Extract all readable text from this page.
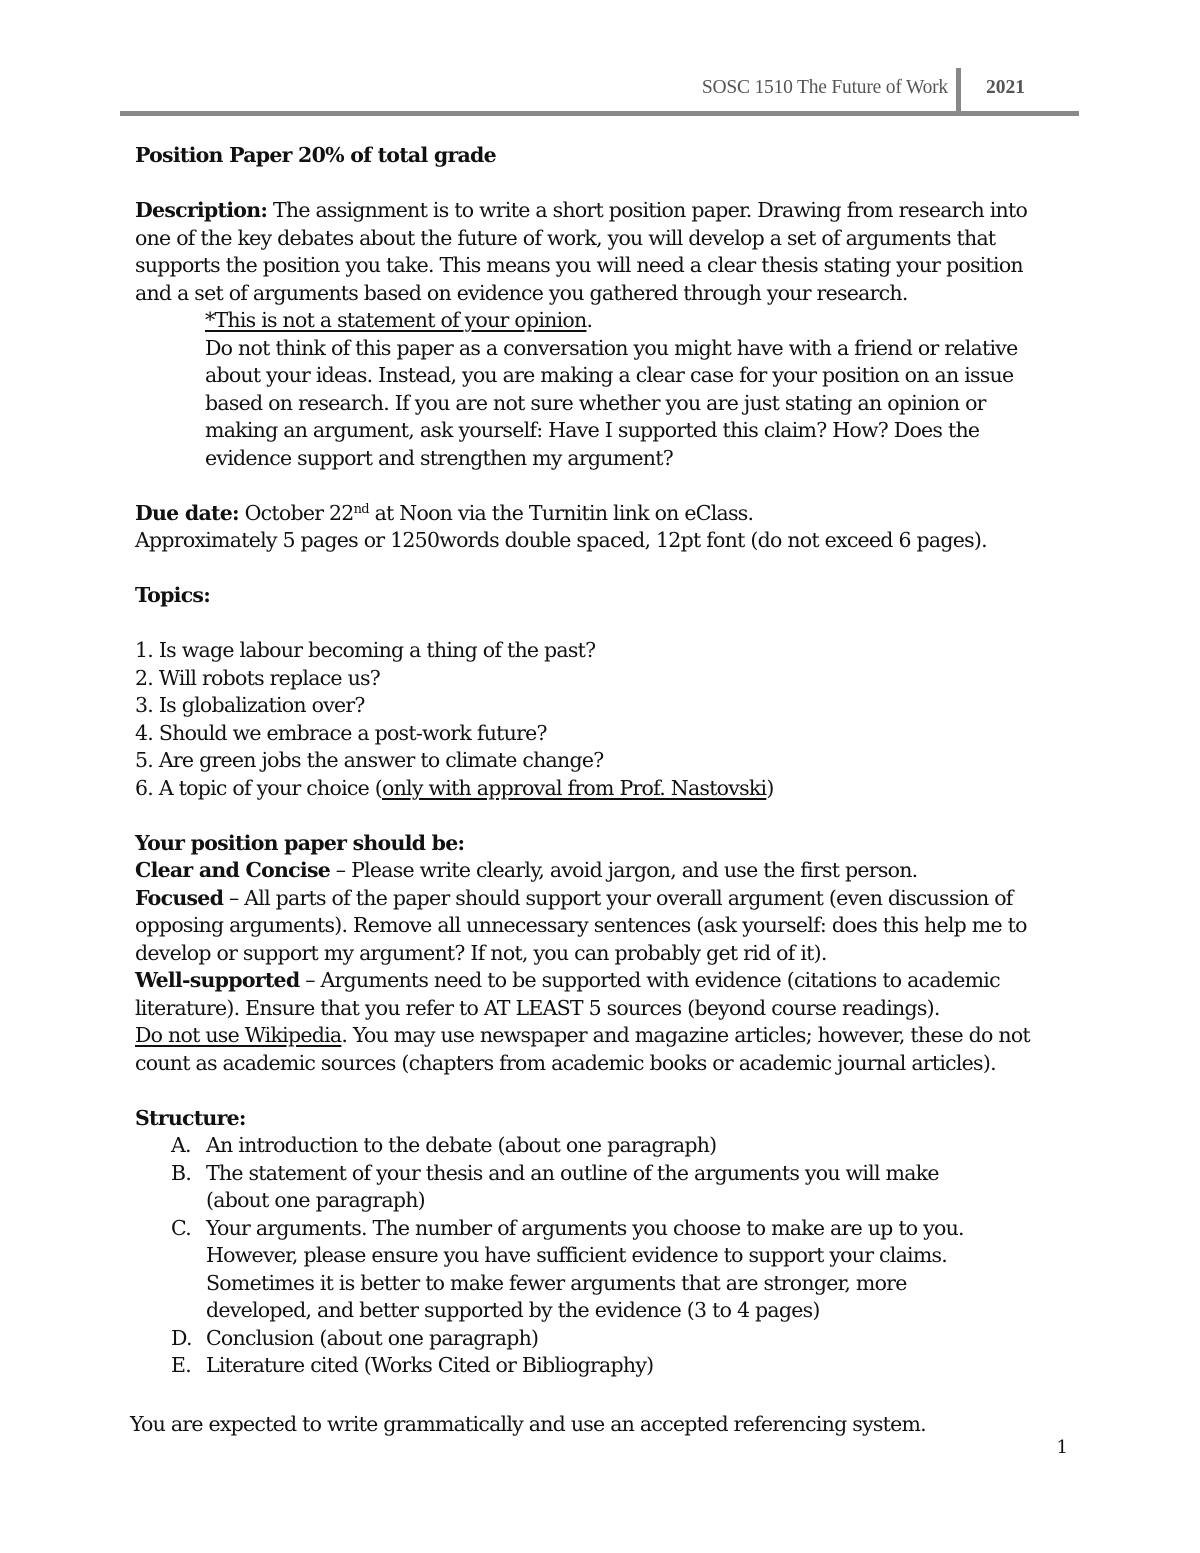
SOSC 1510 The Future of Work 2021
Position Paper 20% of total grade
Description: The assignment is to write a short position paper. Drawing from research into
one of the key debates about the future of work, you will develop a set of arguments that
supports the position you take. This means you will need a clear thesis stating your position
and a set of arguments based on evidence you gathered through your research.
*This is not a statement of your opinion.
Do not think of this paper as a conversation you might have with a friend or relative
about your ideas. Instead, you are making a clear case for your position on an issue
based on research. If you are not sure whether you are just stating an opinion or
making an argument, ask yourself: Have I supported this claim? How? Does the
evidence support and strengthen my argument?
Due date: October 22nd at Noon via the Turnitin link on eClass.
Approximately 5 pages or 1250words double spaced, 12pt font (do not exceed 6 pages).
Topics:
1. Is wage labour becoming a thing of the past?
2. Will robots replace us?
3. Is globalization over?
4. Should we embrace a post-work future?
5. Are green jobs the answer to climate change?
6. A topic of your choice (only with approval from Prof. Nastovski)
Your position paper should be:
Clear and Concise – Please write clearly, avoid jargon, and use the first person.
Focused – All parts of the paper should support your overall argument (even discussion of
opposing arguments). Remove all unnecessary sentences (ask yourself: does this help me to
develop or support my argument? If not, you can probably get rid of it).
Well-supported – Arguments need to be supported with evidence (citations to academic
literature). Ensure that you refer to AT LEAST 5 sources (beyond course readings).
Do not use Wikipedia. You may use newspaper and magazine articles; however, these do not
count as academic sources (chapters from academic books or academic journal articles).
Structure:
A. An introduction to the debate (about one paragraph)
B. The statement of your thesis and an outline of the arguments you will make
(about one paragraph)
C. Your arguments. The number of arguments you choose to make are up to you.
However, please ensure you have sufficient evidence to support your claims.
Sometimes it is better to make fewer arguments that are stronger, more
developed, and better supported by the evidence (3 to 4 pages)
D. Conclusion (about one paragraph)
E. Literature cited (Works Cited or Bibliography)
You are expected to write grammatically and use an accepted referencing system.
1
